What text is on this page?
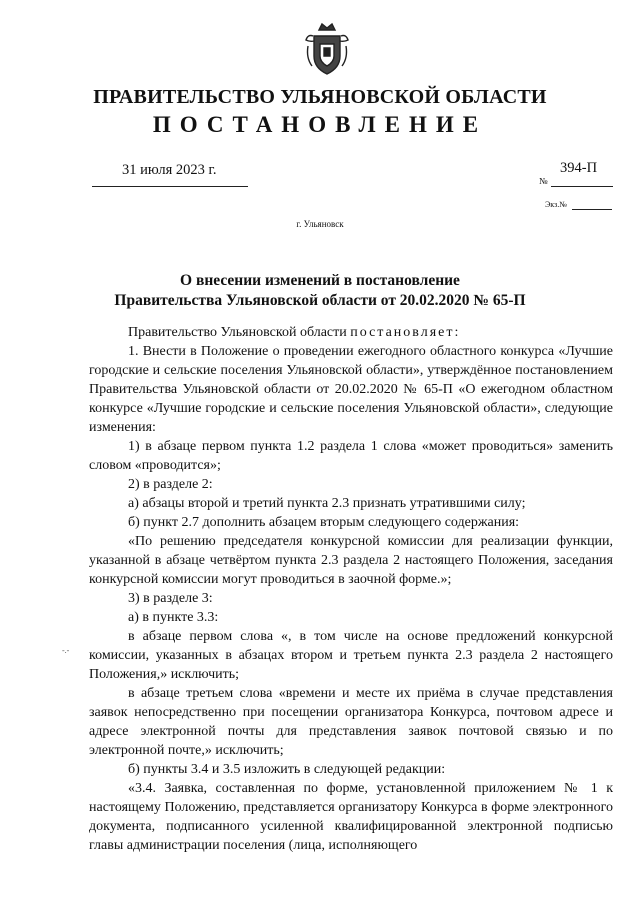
ПРАВИТЕЛЬСТВО УЛЬЯНОВСКОЙ ОБЛАСТИ
ПОСТАНОВЛЕНИЕ
31 июля 2023 г.	394-П
№
Экз.№
г. Ульяновск
О внесении изменений в постановление
Правительства Ульяновской области от 20.02.2020 № 65-П

Правительство Ульяновской области постановляет:

1. Внести в Положение о проведении ежегодного областного конкурса «Лучшие городские и сельские поселения Ульяновской области», утверждённое постановлением Правительства Ульяновской области от 20.02.2020 № 65-П «О ежегодном областном конкурсе «Лучшие городские и сельские поселения Ульяновской области», следующие изменения:

1) в абзаце первом пункта 1.2 раздела 1 слова «может проводиться» заменить словом «проводится»;

2) в разделе 2:

а) абзацы второй и третий пункта 2.3 признать утратившими силу;

б) пункт 2.7 дополнить абзацем вторым следующего содержания:

«По решению председателя конкурсной комиссии для реализации функции, указанной в абзаце четвёртом пункта 2.3 раздела 2 настоящего Положения, заседания конкурсной комиссии могут проводиться в заочной форме.»;

3) в разделе 3:

а) в пункте 3.3:

в абзаце первом слова «, в том числе на основе предложений конкурсной комиссии, указанных в абзацах втором и третьем пункта 2.3 раздела 2 настоящего Положения,» исключить;

в абзаце третьем слова «времени и месте их приёма в случае представления заявок непосредственно при посещении организатора Конкурса, почтовом адресе и адресе электронной почты для представления заявок почтовой связью и по электронной почте,» исключить;

б) пункты 3.4 и 3.5 изложить в следующей редакции:

«3.4. Заявка, составленная по форме, установленной приложением № 1 к настоящему Положению, представляется организатору Конкурса в форме электронного документа, подписанного усиленной квалифицированной электронной подписью главы администрации поселения (лица, исполняющего

-.-
